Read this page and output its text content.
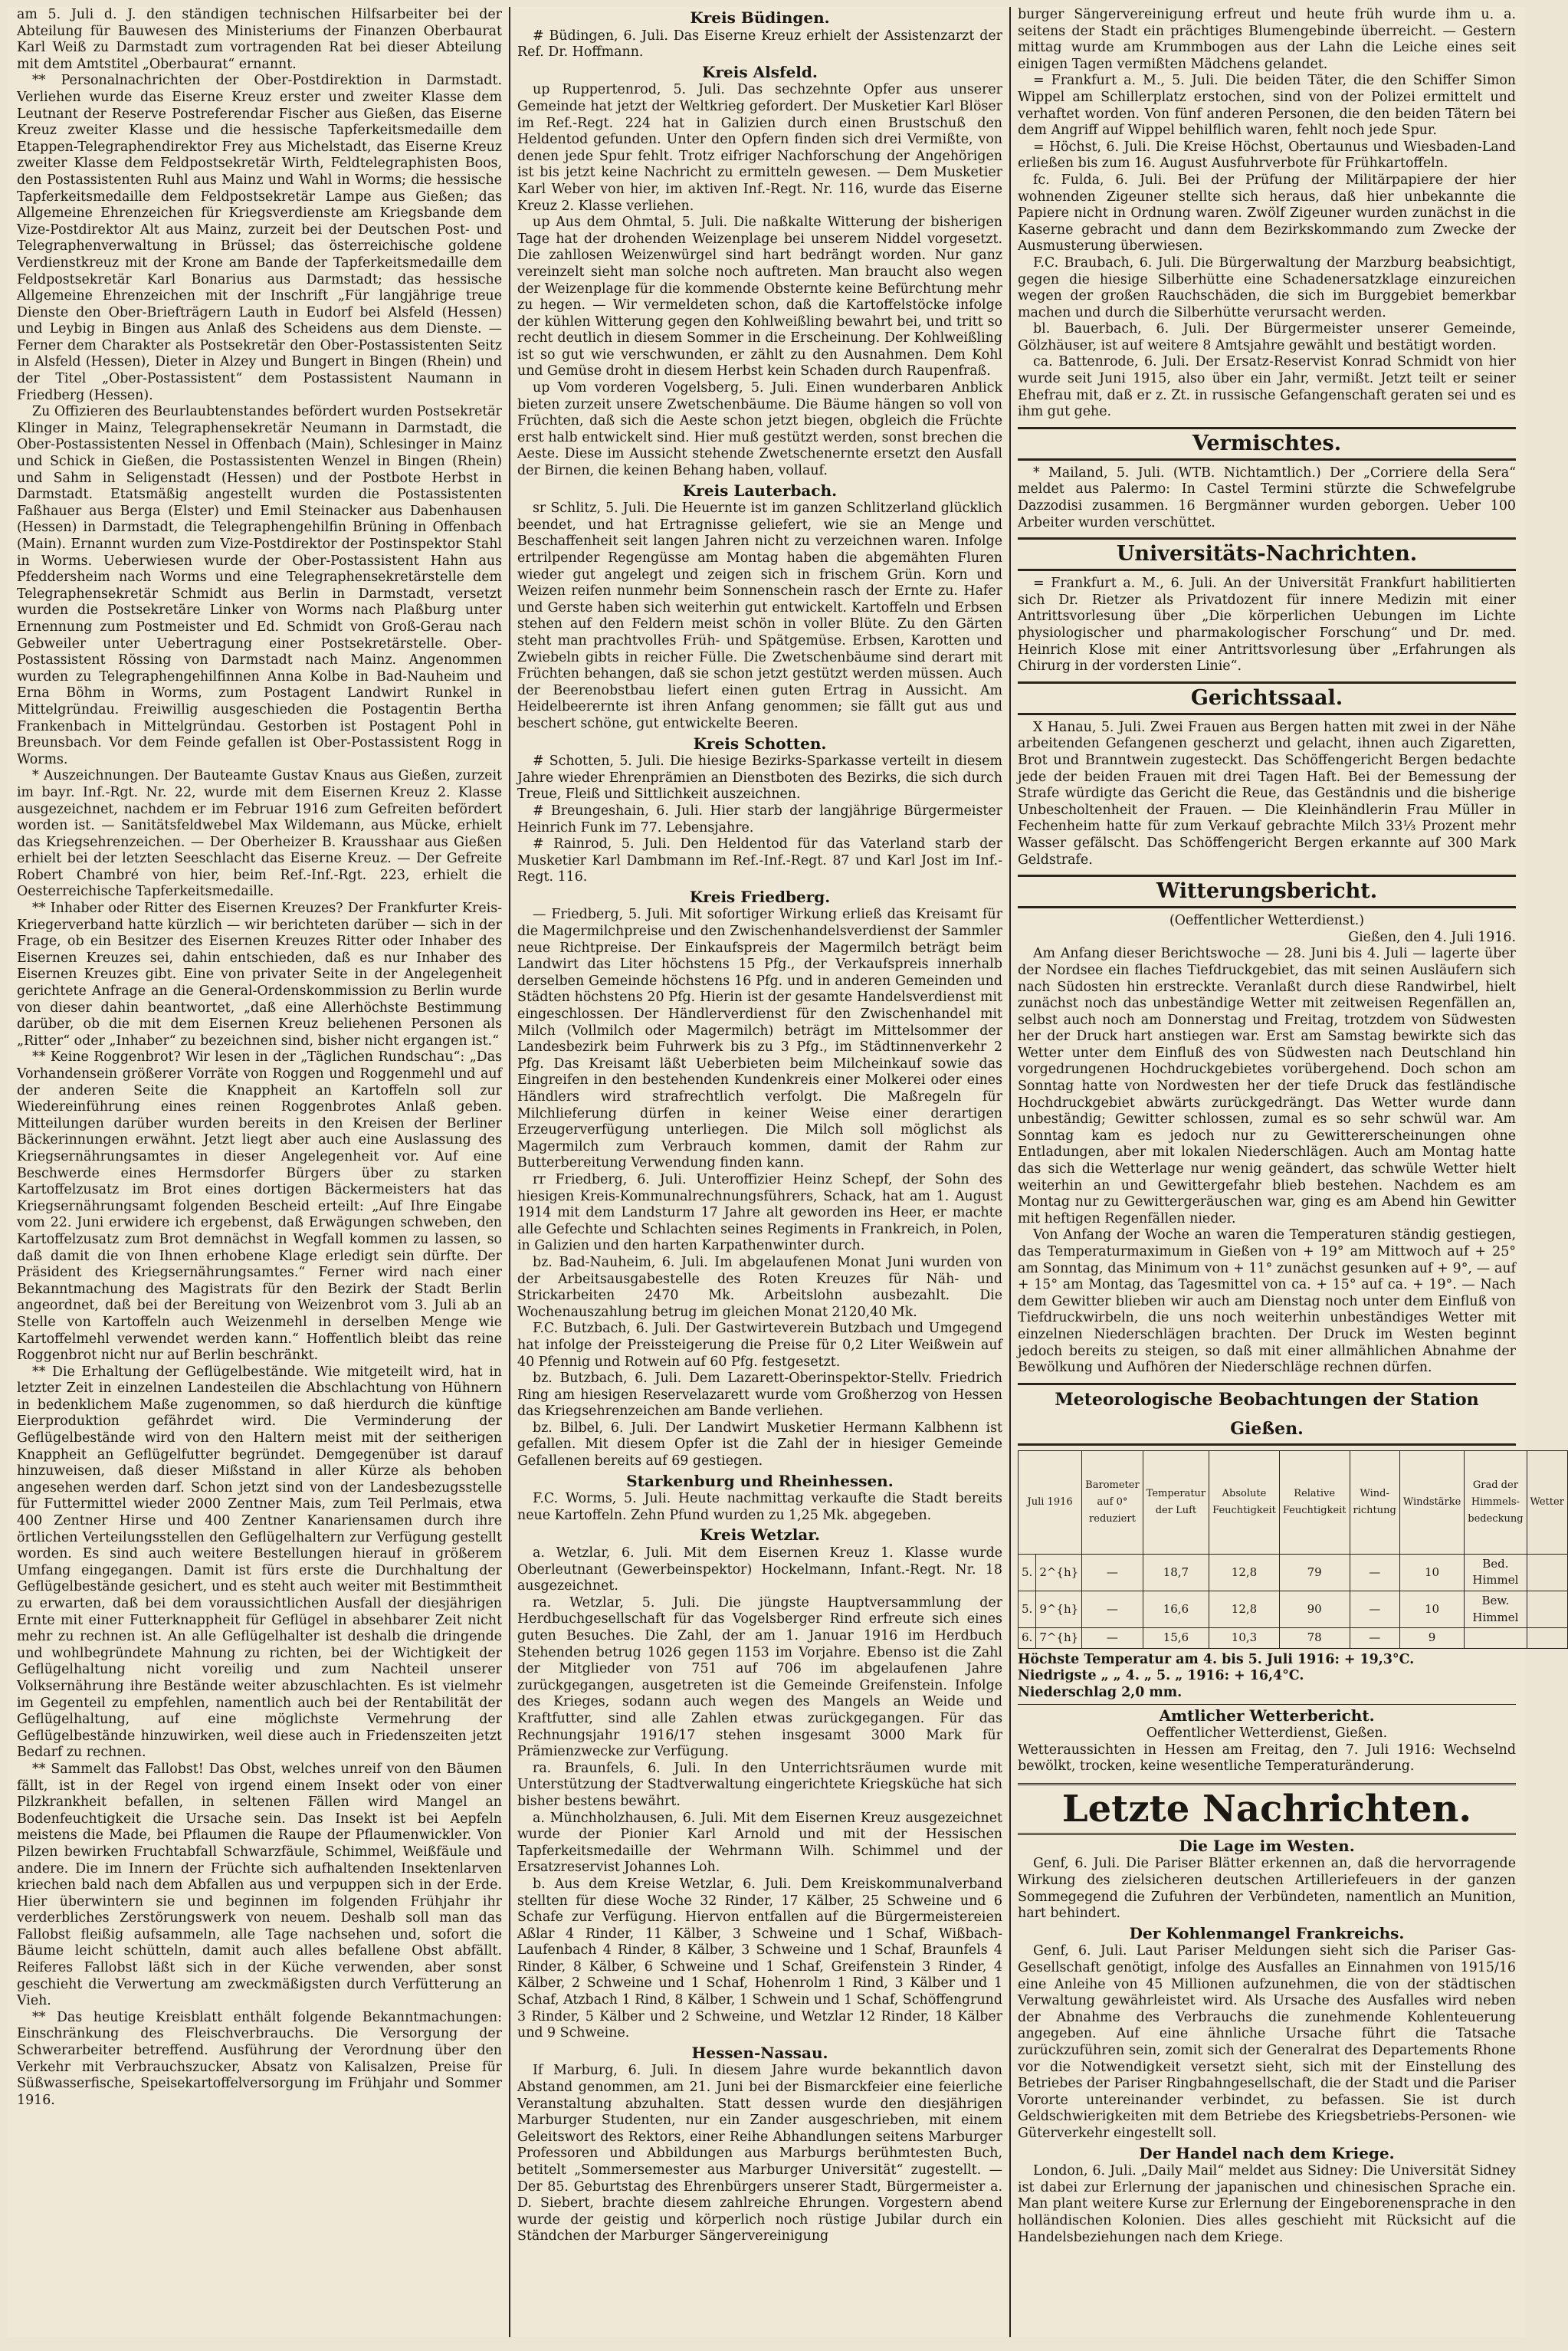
am 5. Juli d. J. den ständigen technischen Hilfsarbeiter bei der Abteilung für Bauwesen des Ministeriums der Finanzen Oberbaurat Karl Weiß zu Darmstadt zum vortragenden Rat bei dieser Abteilung mit dem Amtstitel „Oberbaurat“ ernannt.

** Personalnachrichten der Ober-Postdirektion in Darmstadt. Verliehen wurde das Eiserne Kreuz erster und zweiter Klasse dem Leutnant der Reserve Postreferendar Fischer aus Gießen, das Eiserne Kreuz zweiter Klasse und die hessische Tapferkeitsmedaille dem Etappen-Telegraphendirektor Frey aus Michelstadt, das Eiserne Kreuz zweiter Klasse dem Feldpostsekretär Wirth, Feldtelegraphisten Boos, den Postassistenten Ruhl aus Mainz und Wahl in Worms; die hessische Tapferkeitsmedaille dem Feldpostsekretär Lampe aus Gießen; das Allgemeine Ehrenzeichen für Kriegsverdienste am Kriegsbande dem Vize-Postdirektor Alt aus Mainz, zurzeit bei der Deutschen Post- und Telegraphenverwaltung in Brüssel; das österreichische goldene Verdienstkreuz mit der Krone am Bande der Tapferkeitsmedaille dem Feldpostsekretär Karl Bonarius aus Darmstadt; das hessische Allgemeine Ehrenzeichen mit der Inschrift „Für langjährige treue Dienste den Ober-Briefträgern Lauth in Eudorf bei Alsfeld (Hessen) und Leybig in Bingen aus Anlaß des Scheidens aus dem Dienste. — Ferner dem Charakter als Postsekretär den Ober-Postassistenten Seitz in Alsfeld (Hessen), Dieter in Alzey und Bungert in Bingen (Rhein) und der Titel „Ober-Postassistent“ dem Postassistent Naumann in Friedberg (Hessen).

Zu Offizieren des Beurlaubtenstandes befördert wurden Postsekretär Klinger in Mainz, Telegraphensekretär Neumann in Darmstadt, die Ober-Postassistenten Nessel in Offenbach (Main), Schlesinger in Mainz und Schick in Gießen, die Postassistenten Wenzel in Bingen (Rhein) und Sahm in Seligenstadt (Hessen) und der Postbote Herbst in Darmstadt. Etatsmäßig angestellt wurden die Postassistenten Faßhauer aus Berga (Elster) und Emil Steinacker aus Dabenhausen (Hessen) in Darmstadt, die Telegraphengehilfin Brüning in Offenbach (Main). Ernannt wurden zum Vize-Postdirektor der Postinspektor Stahl in Worms. Ueberwiesen wurde der Ober-Postassistent Hahn aus Pfeddersheim nach Worms und eine Telegraphensekretärstelle dem Telegraphensekretär Schmidt aus Berlin in Darmstadt, versetzt wurden die Postsekretäre Linker von Worms nach Plaßburg unter Ernennung zum Postmeister und Ed. Schmidt von Groß-Gerau nach Gebweiler unter Uebertragung einer Postsekretärstelle. Ober-Postassistent Rössing von Darmstadt nach Mainz. Angenommen wurden zu Telegraphengehilfinnen Anna Kolbe in Bad-Nauheim und Erna Böhm in Worms, zum Postagent Landwirt Runkel in Mittelgründau. Freiwillig ausgeschieden die Postagentin Bertha Frankenbach in Mittelgründau. Gestorben ist Postagent Pohl in Breunsbach. Vor dem Feinde gefallen ist Ober-Postassistent Rogg in Worms.

* Auszeichnungen. Der Bauteamte Gustav Knaus aus Gießen, zurzeit im bayr. Inf.-Rgt. Nr. 22, wurde mit dem Eisernen Kreuz 2. Klasse ausgezeichnet, nachdem er im Februar 1916 zum Gefreiten befördert worden ist. — Sanitätsfeldwebel Max Wildemann, aus Mücke, erhielt das Kriegsehrenzeichen. — Der Oberheizer B. Krausshaar aus Gießen erhielt bei der letzten Seeschlacht das Eiserne Kreuz. — Der Gefreite Robert Chambré von hier, beim Ref.-Inf.-Rgt. 223, erhielt die Oesterreichische Tapferkeitsmedaille.

** Inhaber oder Ritter des Eisernen Kreuzes? Der Frankfurter Kreis-Kriegerverband hatte kürzlich — wir berichteten darüber — sich in der Frage, ob ein Besitzer des Eisernen Kreuzes Ritter oder Inhaber des Eisernen Kreuzes sei, dahin entschieden, daß es nur Inhaber des Eisernen Kreuzes gibt. Eine von privater Seite in der Angelegenheit gerichtete Anfrage an die General-Ordenskommission zu Berlin wurde von dieser dahin beantwortet, „daß eine Allerhöchste Bestimmung darüber, ob die mit dem Eisernen Kreuz beliehenen Personen als „Ritter“ oder „Inhaber“ zu bezeichnen sind, bisher nicht ergangen ist.“

** Keine Roggenbrot? Wir lesen in der „Täglichen Rundschau“: „Das Vorhandensein größerer Vorräte von Roggen und Roggenmehl und auf der anderen Seite die Knappheit an Kartoffeln soll zur Wiedereinführung eines reinen Roggenbrotes Anlaß geben. Mitteilungen darüber wurden bereits in den Kreisen der Berliner Bäckerinnungen erwähnt. Jetzt liegt aber auch eine Auslassung des Kriegsernährungsamtes in dieser Angelegenheit vor. Auf eine Beschwerde eines Hermsdorfer Bürgers über zu starken Kartoffelzusatz im Brot eines dortigen Bäckermeisters hat das Kriegsernährungsamt folgenden Bescheid erteilt: „Auf Ihre Eingabe vom 22. Juni erwidere ich ergebenst, daß Erwägungen schweben, den Kartoffelzusatz zum Brot demnächst in Wegfall kommen zu lassen, so daß damit die von Ihnen erhobene Klage erledigt sein dürfte. Der Präsident des Kriegsernährungsamtes.“ Ferner wird nach einer Bekanntmachung des Magistrats für den Bezirk der Stadt Berlin angeordnet, daß bei der Bereitung von Weizenbrot vom 3. Juli ab an Stelle von Kartoffeln auch Weizenmehl in derselben Menge wie Kartoffelmehl verwendet werden kann.“ Hoffentlich bleibt das reine Roggenbrot nicht nur auf Berlin beschränkt.

** Die Erhaltung der Geflügelbestände. Wie mitgeteilt wird, hat in letzter Zeit in einzelnen Landesteilen die Abschlachtung von Hühnern in bedenklichem Maße zugenommen, so daß hierdurch die künftige Eierproduktion gefährdet wird. Die Verminderung der Geflügelbestände wird von den Haltern meist mit der seitherigen Knappheit an Geflügelfutter begründet. Demgegenüber ist darauf hinzuweisen, daß dieser Mißstand in aller Kürze als behoben angesehen werden darf. Schon jetzt sind von der Landesbezugsstelle für Futtermittel wieder 2000 Zentner Mais, zum Teil Perlmais, etwa 400 Zentner Hirse und 400 Zentner Kanariensamen durch ihre örtlichen Verteilungsstellen den Geflügelhaltern zur Verfügung gestellt worden. Es sind auch weitere Bestellungen hierauf in größerem Umfang eingegangen. Damit ist fürs erste die Durchhaltung der Geflügelbestände gesichert, und es steht auch weiter mit Bestimmtheit zu erwarten, daß bei dem voraussichtlichen Ausfall der diesjährigen Ernte mit einer Futterknappheit für Geflügel in absehbarer Zeit nicht mehr zu rechnen ist. An alle Geflügelhalter ist deshalb die dringende und wohlbegründete Mahnung zu richten, bei der Wichtigkeit der Geflügelhaltung nicht voreilig und zum Nachteil unserer Volksernährung ihre Bestände weiter abzuschlachten. Es ist vielmehr im Gegenteil zu empfehlen, namentlich auch bei der Rentabilität der Geflügelhaltung, auf eine möglichste Vermehrung der Geflügelbestände hinzuwirken, weil diese auch in Friedenszeiten jetzt Bedarf zu rechnen.

** Sammelt das Fallobst! Das Obst, welches unreif von den Bäumen fällt, ist in der Regel von irgend einem Insekt oder von einer Pilzkrankheit befallen, in seltenen Fällen wird Mangel an Bodenfeuchtigkeit die Ursache sein. Das Insekt ist bei Aepfeln meistens die Made, bei Pflaumen die Raupe der Pflaumenwickler. Von Pilzen bewirken Fruchtabfall Schwarzfäule, Schimmel, Weißfäule und andere. Die im Innern der Früchte sich aufhaltenden Insektenlarven kriechen bald nach dem Abfallen aus und verpuppen sich in der Erde. Hier überwintern sie und beginnen im folgenden Frühjahr ihr verderbliches Zerstörungswerk von neuem. Deshalb soll man das Fallobst fleißig aufsammeln, alle Tage nachsehen und, sofort die Bäume leicht schütteln, damit auch alles befallene Obst abfällt. Reiferes Fallobst läßt sich in der Küche verwenden, aber sonst geschieht die Verwertung am zweckmäßigsten durch Verfütterung an Vieh.

** Das heutige Kreisblatt enthält folgende Bekanntmachungen: Einschränkung des Fleischverbrauchs. Die Versorgung der Schwerarbeiter betreffend. Ausführung der Verordnung über den Verkehr mit Verbrauchszucker, Absatz von Kalisalzen, Preise für Süßwasserfische, Speisekartoffelversorgung im Frühjahr und Sommer 1916.

Kreis Büdingen.

# Büdingen, 6. Juli. Das Eiserne Kreuz erhielt der Assistenzarzt der Ref. Dr. Hoffmann.

Kreis Alsfeld.

up Ruppertenrod, 5. Juli. Das sechzehnte Opfer aus unserer Gemeinde hat jetzt der Weltkrieg gefordert. Der Musketier Karl Blöser im Ref.-Regt. 224 hat in Galizien durch einen Brustschuß den Heldentod gefunden. Unter den Opfern finden sich drei Vermißte, von denen jede Spur fehlt. Trotz eifriger Nachforschung der Angehörigen ist bis jetzt keine Nachricht zu ermitteln gewesen. — Dem Musketier Karl Weber von hier, im aktiven Inf.-Regt. Nr. 116, wurde das Eiserne Kreuz 2. Klasse verliehen.

up Aus dem Ohmtal, 5. Juli. Die naßkalte Witterung der bisherigen Tage hat der drohenden Weizenplage bei unserem Niddel vorgesetzt. Die zahllosen Weizenwürgel sind hart bedrängt worden. Nur ganz vereinzelt sieht man solche noch auftreten. Man braucht also wegen der Weizenplage für die kommende Obsternte keine Befürchtung mehr zu hegen. — Wir vermeldeten schon, daß die Kartoffelstöcke infolge der kühlen Witterung gegen den Kohlweißling bewahrt bei, und tritt so recht deutlich in diesem Sommer in die Erscheinung. Der Kohlweißling ist so gut wie verschwunden, er zählt zu den Ausnahmen. Dem Kohl und Gemüse droht in diesem Herbst kein Schaden durch Raupenfraß.

up Vom vorderen Vogelsberg, 5. Juli. Einen wunderbaren Anblick bieten zurzeit unsere Zwetschenbäume. Die Bäume hängen so voll von Früchten, daß sich die Aeste schon jetzt biegen, obgleich die Früchte erst halb entwickelt sind. Hier muß gestützt werden, sonst brechen die Aeste. Diese im Aussicht stehende Zwetschenernte ersetzt den Ausfall der Birnen, die keinen Behang haben, vollauf.

Kreis Lauterbach.

sr Schlitz, 5. Juli. Die Heuernte ist im ganzen Schlitzerland glücklich beendet, und hat Ertragnisse geliefert, wie sie an Menge und Beschaffenheit seit langen Jahren nicht zu verzeichnen waren. Infolge ertrilpender Regengüsse am Montag haben die abgemähten Fluren wieder gut angelegt und zeigen sich in frischem Grün. Korn und Weizen reifen nunmehr beim Sonnenschein rasch der Ernte zu. Hafer und Gerste haben sich weiterhin gut entwickelt. Kartoffeln und Erbsen stehen auf den Feldern meist schön in voller Blüte. Zu den Gärten steht man prachtvolles Früh- und Spätgemüse. Erbsen, Karotten und Zwiebeln gibts in reicher Fülle. Die Zwetschenbäume sind derart mit Früchten behangen, daß sie schon jetzt gestützt werden müssen. Auch der Beerenobstbau liefert einen guten Ertrag in Aussicht. Am Heidelbeerernte ist ihren Anfang genommen; sie fällt gut aus und beschert schöne, gut entwickelte Beeren.

Kreis Schotten.

# Schotten, 5. Juli. Die hiesige Bezirks-Sparkasse verteilt in diesem Jahre wieder Ehrenprämien an Dienstboten des Bezirks, die sich durch Treue, Fleiß und Sittlichkeit auszeichnen.

# Breungeshain, 6. Juli. Hier starb der langjährige Bürgermeister Heinrich Funk im 77. Lebensjahre.

# Rainrod, 5. Juli. Den Heldentod für das Vaterland starb der Musketier Karl Dambmann im Ref.-Inf.-Regt. 87 und Karl Jost im Inf.-Regt. 116.

Kreis Friedberg.

— Friedberg, 5. Juli. Mit sofortiger Wirkung erließ das Kreisamt für die Magermilchpreise und den Zwischenhandelsverdienst der Sammler neue Richtpreise. Der Einkaufspreis der Magermilch beträgt beim Landwirt das Liter höchstens 15 Pfg., der Verkaufspreis innerhalb derselben Gemeinde höchstens 16 Pfg. und in anderen Gemeinden und Städten höchstens 20 Pfg. Hierin ist der gesamte Handelsverdienst mit eingeschlossen. Der Händlerverdienst für den Zwischenhandel mit Milch (Vollmilch oder Magermilch) beträgt im Mittelsommer der Landesbezirk beim Fuhrwerk bis zu 3 Pfg., im Städtinnenverkehr 2 Pfg. Das Kreisamt läßt Ueberbieten beim Milcheinkauf sowie das Eingreifen in den bestehenden Kundenkreis einer Molkerei oder eines Händlers wird strafrechtlich verfolgt. Die Maßregeln für Milchlieferung dürfen in keiner Weise einer derartigen Erzeugerverfügung unterliegen. Die Milch soll möglichst als Magermilch zum Verbrauch kommen, damit der Rahm zur Butterbereitung Verwendung finden kann.

rr Friedberg, 6. Juli. Unteroffizier Heinz Schepf, der Sohn des hiesigen Kreis-Kommunalrechnungsführers, Schack, hat am 1. August 1914 mit dem Landsturm 17 Jahre alt geworden ins Heer, er machte alle Gefechte und Schlachten seines Regiments in Frankreich, in Polen, in Galizien und den harten Karpathenwinter durch.

bz. Bad-Nauheim, 6. Juli. Im abgelaufenen Monat Juni wurden von der Arbeitsausgabestelle des Roten Kreuzes für Näh- und Strickarbeiten 2470 Mk. Arbeitslohn ausbezahlt. Die Wochenauszahlung betrug im gleichen Monat 2120,40 Mk.

F.C. Butzbach, 6. Juli. Der Gastwirteverein Butzbach und Umgegend hat infolge der Preissteigerung die Preise für 0,2 Liter Weißwein auf 40 Pfennig und Rotwein auf 60 Pfg. festgesetzt.

bz. Butzbach, 6. Juli. Dem Lazarett-Oberinspektor-Stellv. Friedrich Ring am hiesigen Reservelazarett wurde vom Großherzog von Hessen das Kriegsehrenzeichen am Bande verliehen.

bz. Bilbel, 6. Juli. Der Landwirt Musketier Hermann Kalbhenn ist gefallen. Mit diesem Opfer ist die Zahl der in hiesiger Gemeinde Gefallenen bereits auf 69 gestiegen.

Starkenburg und Rheinhessen.

F.C. Worms, 5. Juli. Heute nachmittag verkaufte die Stadt bereits neue Kartoffeln. Zehn Pfund wurden zu 1,25 Mk. abgegeben.

Kreis Wetzlar.

a. Wetzlar, 6. Juli. Mit dem Eisernen Kreuz 1. Klasse wurde Oberleutnant (Gewerbeinspektor) Hockelmann, Infant.-Regt. Nr. 18 ausgezeichnet.

ra. Wetzlar, 5. Juli. Die jüngste Hauptversammlung der Herdbuchgesellschaft für das Vogelsberger Rind erfreute sich eines guten Besuches. Die Zahl, der am 1. Januar 1916 im Herdbuch Stehenden betrug 1026 gegen 1153 im Vorjahre. Ebenso ist die Zahl der Mitglieder von 751 auf 706 im abgelaufenen Jahre zurückgegangen, ausgetreten ist die Gemeinde Greifenstein. Infolge des Krieges, sodann auch wegen des Mangels an Weide und Kraftfutter, sind alle Zahlen etwas zurückgegangen. Für das Rechnungsjahr 1916/17 stehen insgesamt 3000 Mark für Prämienzwecke zur Verfügung.

ra. Braunfels, 6. Juli. In den Unterrichtsräumen wurde mit Unterstützung der Stadtverwaltung eingerichtete Kriegsküche hat sich bisher bestens bewährt.

a. Münchholzhausen, 6. Juli. Mit dem Eisernen Kreuz ausgezeichnet wurde der Pionier Karl Arnold und mit der Hessischen Tapferkeitsmedaille der Wehrmann Wilh. Schimmel und der Ersatzreservist Johannes Loh.

b. Aus dem Kreise Wetzlar, 6. Juli. Dem Kreiskommunalverband stellten für diese Woche 32 Rinder, 17 Kälber, 25 Schweine und 6 Schafe zur Verfügung. Hiervon entfallen auf die Bürgermeistereien Aßlar 4 Rinder, 11 Kälber, 3 Schweine und 1 Schaf, Wißbach-Laufenbach 4 Rinder, 8 Kälber, 3 Schweine und 1 Schaf, Braunfels 4 Rinder, 8 Kälber, 6 Schweine und 1 Schaf, Greifenstein 3 Rinder, 4 Kälber, 2 Schweine und 1 Schaf, Hohenrolm 1 Rind, 3 Kälber und 1 Schaf, Atzbach 1 Rind, 8 Kälber, 1 Schwein und 1 Schaf, Schöffengrund 3 Rinder, 5 Kälber und 2 Schweine, und Wetzlar 12 Rinder, 18 Kälber und 9 Schweine.

Hessen-Nassau.

If Marburg, 6. Juli. In diesem Jahre wurde bekanntlich davon Abstand genommen, am 21. Juni bei der Bismarckfeier eine feierliche Veranstaltung abzuhalten. Statt dessen wurde den diesjährigen Marburger Studenten, nur ein Zander ausgeschrieben, mit einem Geleitswort des Rektors, einer Reihe Abhandlungen seitens Marburger Professoren und Abbildungen aus Marburgs berühmtesten Buch, betitelt „Sommersemester aus Marburger Universität“ zugestellt. — Der 85. Geburtstag des Ehrenbürgers unserer Stadt, Bürgermeister a. D. Siebert, brachte diesem zahlreiche Ehrungen. Vorgestern abend wurde der geistig und körperlich noch rüstige Jubilar durch ein Ständchen der Marburger Sängervereinigung

burger Sängervereinigung erfreut und heute früh wurde ihm u. a. seitens der Stadt ein prächtiges Blumengebinde überreicht. — Gestern mittag wurde am Krummbogen aus der Lahn die Leiche eines seit einigen Tagen vermißten Mädchens gelandet.

= Frankfurt a. M., 5. Juli. Die beiden Täter, die den Schiffer Simon Wippel am Schillerplatz erstochen, sind von der Polizei ermittelt und verhaftet worden. Von fünf anderen Personen, die den beiden Tätern bei dem Angriff auf Wippel behilflich waren, fehlt noch jede Spur.

= Höchst, 6. Juli. Die Kreise Höchst, Obertaunus und Wiesbaden-Land erließen bis zum 16. August Ausfuhrverbote für Frühkartoffeln.

fc. Fulda, 6. Juli. Bei der Prüfung der Militärpapiere der hier wohnenden Zigeuner stellte sich heraus, daß hier unbekannte die Papiere nicht in Ordnung waren. Zwölf Zigeuner wurden zunächst in die Kaserne gebracht und dann dem Bezirkskommando zum Zwecke der Ausmusterung überwiesen.

F.C. Braubach, 6. Juli. Die Bürgerwaltung der Marzburg beabsichtigt, gegen die hiesige Silberhütte eine Schadenersatzklage einzureichen wegen der großen Rauchschäden, die sich im Burggebiet bemerkbar machen und durch die Silberhütte verursacht werden.

bl. Bauerbach, 6. Juli. Der Bürgermeister unserer Gemeinde, Gölzhäuser, ist auf weitere 8 Amtsjahre gewählt und bestätigt worden.

ca. Battenrode, 6. Juli. Der Ersatz-Reservist Konrad Schmidt von hier wurde seit Juni 1915, also über ein Jahr, vermißt. Jetzt teilt er seiner Ehefrau mit, daß er z. Zt. in russische Gefangenschaft geraten sei und es ihm gut gehe.

Vermischtes.

* Mailand, 5. Juli. (WTB. Nichtamtlich.) Der „Corriere della Sera“ meldet aus Palermo: In Castel Termini stürzte die Schwefelgrube Dazzodisi zusammen. 16 Bergmänner wurden geborgen. Ueber 100 Arbeiter wurden verschüttet.

Universitäts-Nachrichten.

= Frankfurt a. M., 6. Juli. An der Universität Frankfurt habilitierten sich Dr. Rietzer als Privatdozent für innere Medizin mit einer Antrittsvorlesung über „Die körperlichen Uebungen im Lichte physiologischer und pharmakologischer Forschung“ und Dr. med. Heinrich Klose mit einer Antrittsvorlesung über „Erfahrungen als Chirurg in der vordersten Linie“.

Gerichtssaal.

X Hanau, 5. Juli. Zwei Frauen aus Bergen hatten mit zwei in der Nähe arbeitenden Gefangenen gescherzt und gelacht, ihnen auch Zigaretten, Brot und Branntwein zugesteckt. Das Schöffengericht Bergen bedachte jede der beiden Frauen mit drei Tagen Haft. Bei der Bemessung der Strafe würdigte das Gericht die Reue, das Geständnis und die bisherige Unbescholtenheit der Frauen. — Die Kleinhändlerin Frau Müller in Fechenheim hatte für zum Verkauf gebrachte Milch 33⅓ Prozent mehr Wasser gefälscht. Das Schöffengericht Bergen erkannte auf 300 Mark Geldstrafe.

Witterungsbericht.

(Oeffentlicher Wetterdienst.)

Gießen, den 4. Juli 1916.

Am Anfang dieser Berichtswoche — 28. Juni bis 4. Juli — lagerte über der Nordsee ein flaches Tiefdruckgebiet, das mit seinen Ausläufern sich nach Südosten hin erstreckte. Veranlaßt durch diese Randwirbel, hielt zunächst noch das unbeständige Wetter mit zeitweisen Regenfällen an, selbst auch noch am Donnerstag und Freitag, trotzdem von Südwesten her der Druck hart anstiegen war. Erst am Samstag bewirkte sich das Wetter unter dem Einfluß des von Südwesten nach Deutschland hin vorgedrungenen Hochdruckgebietes vorübergehend. Doch schon am Sonntag hatte von Nordwesten her der tiefe Druck das festländische Hochdruckgebiet abwärts zurückgedrängt. Das Wetter wurde dann unbeständig; Gewitter schlossen, zumal es so sehr schwül war. Am Sonntag kam es jedoch nur zu Gewittererscheinungen ohne Entladungen, aber mit lokalen Niederschlägen. Auch am Montag hatte das sich die Wetterlage nur wenig geändert, das schwüle Wetter hielt weiterhin an und Gewittergefahr blieb bestehen. Nachdem es am Montag nur zu Gewittergeräuschen war, ging es am Abend hin Gewitter mit heftigen Regenfällen nieder.

Von Anfang der Woche an waren die Temperaturen ständig gestiegen, das Temperaturmaximum in Gießen von + 19° am Mittwoch auf + 25° am Sonntag, das Minimum von + 11° zunächst gesunken auf + 9°, — auf + 15° am Montag, das Tagesmittel von ca. + 15° auf ca. + 19°. — Nach dem Gewitter blieben wir auch am Dienstag noch unter dem Einfluß von Tiefdruckwirbeln, die uns noch weiterhin unbeständiges Wetter mit einzelnen Niederschlägen brachten. Der Druck im Westen beginnt jedoch bereits zu steigen, so daß mit einer allmählichen Abnahme der Bewölkung und Aufhören der Niederschläge rechnen dürfen.

Meteorologische Beobachtungen der Station Gießen.
Juli 1916		Barometer auf 0° reduziert	Temperatur der Luft	Absolute Feuchtigkeit	Relative Feuchtigkeit	Wind-richtung	Windstärke	Grad der Himmels-bedeckung	Wetter
5.	2^{h}	—	18,7	12,8	79	—	10	Bed. Himmel	
5.	9^{h}	—	16,6	12,8	90	—	10	Bew. Himmel	
6.	7^{h}	—	15,6	10,3	78	—	9		

Höchste Temperatur am 4. bis 5. Juli 1916: + 19,3°C.

Niedrigste „ „ 4. „ 5. „ 1916: + 16,4°C.

Niederschlag 2,0 mm.

Amtlicher Wetterbericht.

Oeffentlicher Wetterdienst, Gießen.

Wetteraussichten in Hessen am Freitag, den 7. Juli 1916: Wechselnd bewölkt, trocken, keine wesentliche Temperaturänderung.

Letzte Nachrichten.
Die Lage im Westen.

Genf, 6. Juli. Die Pariser Blätter erkennen an, daß die hervorragende Wirkung des zielsicheren deutschen Artilleriefeuers in der ganzen Sommegegend die Zufuhren der Verbündeten, namentlich an Munition, hart behindert.

Der Kohlenmangel Frankreichs.

Genf, 6. Juli. Laut Pariser Meldungen sieht sich die Pariser Gas-Gesellschaft genötigt, infolge des Ausfalles an Einnahmen von 1915/16 eine Anleihe von 45 Millionen aufzunehmen, die von der städtischen Verwaltung gewährleistet wird. Als Ursache des Ausfalles wird neben der Abnahme des Verbrauchs die zunehmende Kohlenteuerung angegeben. Auf eine ähnliche Ursache führt die Tatsache zurückzuführen sein, zomit sich der Generalrat des Departements Rhone vor die Notwendigkeit versetzt sieht, sich mit der Einstellung des Betriebes der Pariser Ringbahngesellschaft, die der Stadt und die Pariser Vororte untereinander verbindet, zu befassen. Sie ist durch Geldschwierigkeiten mit dem Betriebe des Kriegsbetriebs-Personen- wie Güterverkehr eingestellt soll.

Der Handel nach dem Kriege.

London, 6. Juli. „Daily Mail“ meldet aus Sidney: Die Universität Sidney ist dabei zur Erlernung der japanischen und chinesischen Sprache ein. Man plant weitere Kurse zur Erlernung der Eingeborenensprache in den holländischen Kolonien. Dies alles geschieht mit Rücksicht auf die Handelsbeziehungen nach dem Kriege.
